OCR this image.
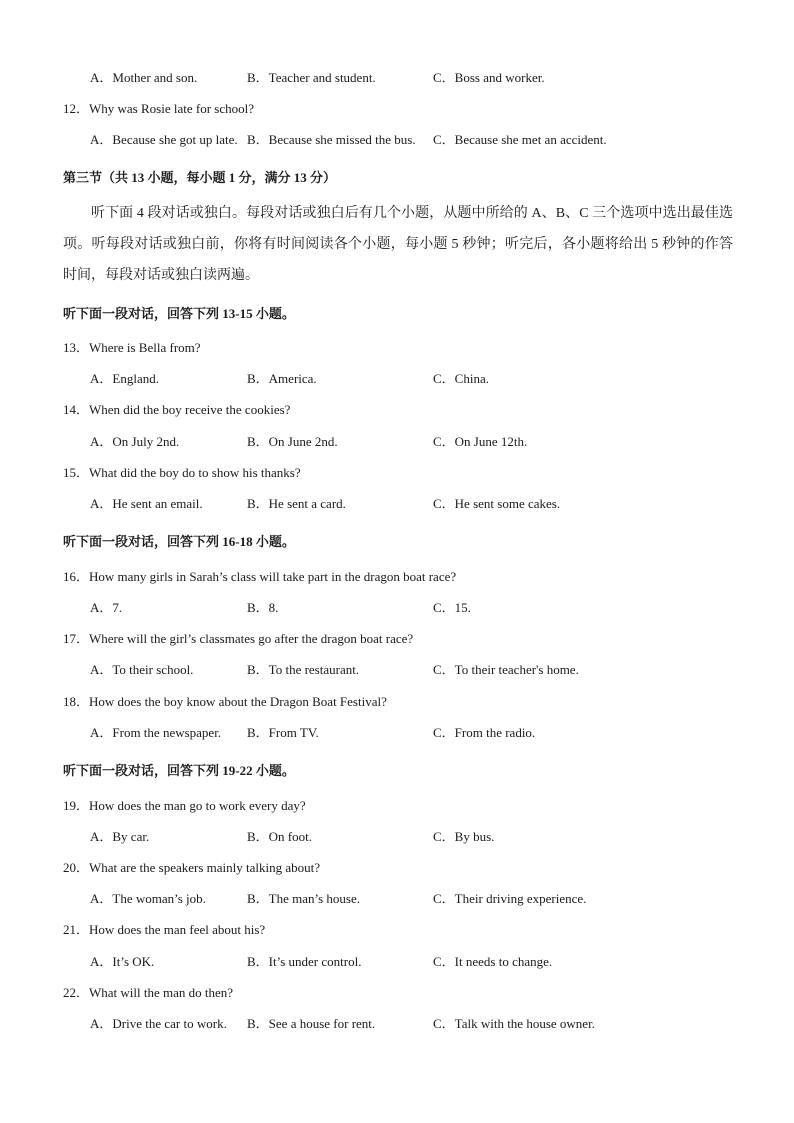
A．Mother and son.	B．Teacher and student.	C．Boss and worker.
12．Why was Rosie late for school?
A．Because she got up late. B．Because she missed the bus. C．Because she met an accident.
第三节（共 13 小题，每小题 1 分，满分 13 分）
听下面 4 段对话或独白。每段对话或独白后有几个小题，从题中所给的 A、B、C 三个选项中选出最佳选项。听每段对话或独白前，你将有时间阅读各个小题，每小题 5 秒钟；听完后，各小题将给出 5 秒钟的作答时间，每段对话或独白读两遍。
听下面一段对话，回答下列 13-15 小题。
13．Where is Bella from?
A．England.	B．America.	C．China.
14．When did the boy receive the cookies?
A．On July 2nd.	B．On June 2nd.	C．On June 12th.
15．What did the boy do to show his thanks?
A．He sent an email.	B．He sent a card.	C．He sent some cakes.
听下面一段对话，回答下列 16-18 小题。
16．How many girls in Sarah’s class will take part in the dragon boat race?
A．7.	B．8.	C．15.
17．Where will the girl’s classmates go after the dragon boat race?
A．To their school.	B．To the restaurant.	C．To their teacher's home.
18．How does the boy know about the Dragon Boat Festival?
A．From the newspaper. B．From TV.	C．From the radio.
听下面一段对话，回答下列 19-22 小题。
19．How does the man go to work every day?
A．By car.	B．On foot.	C．By bus.
20．What are the speakers mainly talking about?
A．The woman’s job.	B．The man’s house.	C．Their driving experience.
21．How does the man feel about his?
A．It’s OK.	B．It’s under control.	C．It needs to change.
22．What will the man do then?
A．Drive the car to work. B．See a house for rent.	C．Talk with the house owner.
